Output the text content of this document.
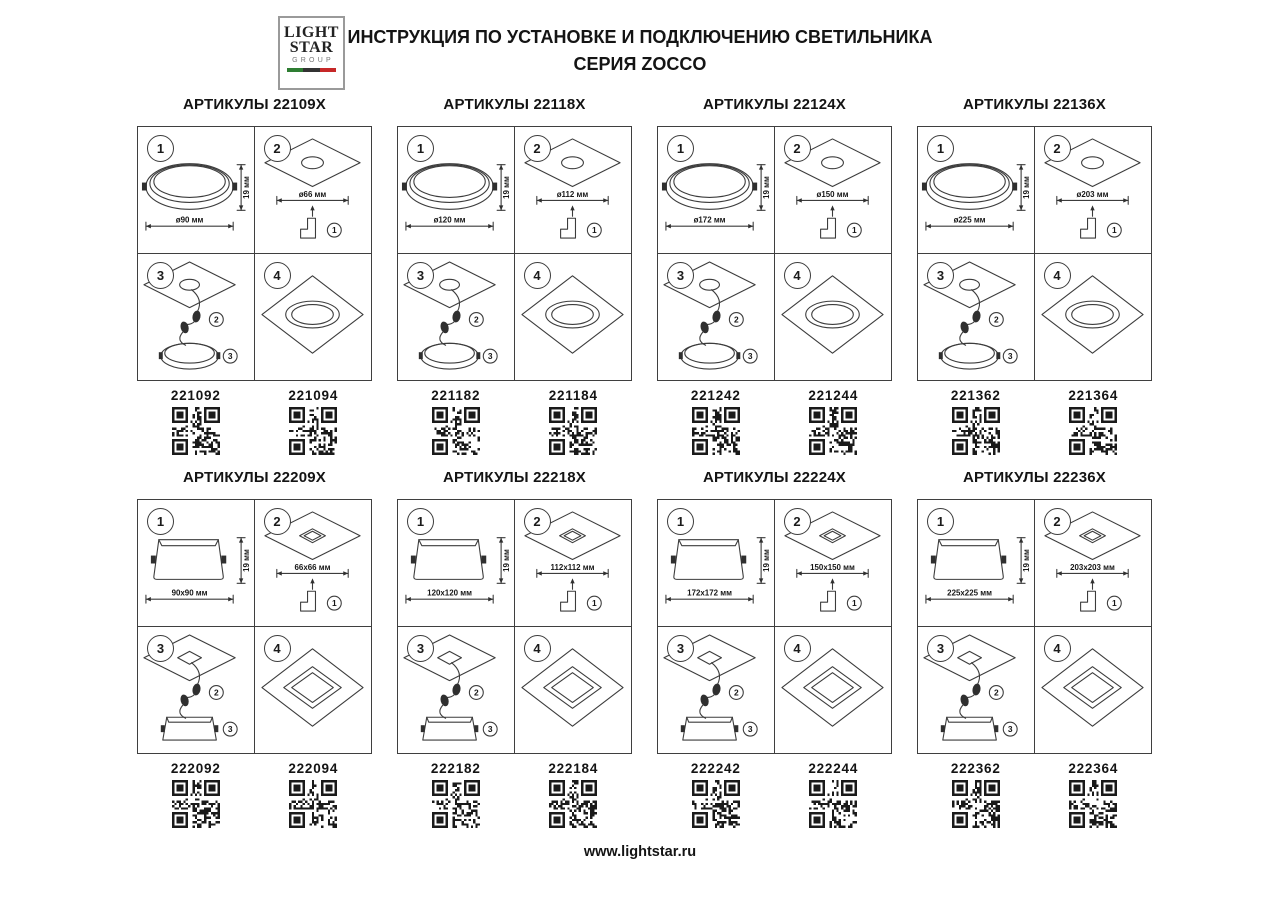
LIGHT
STAR
GROUP
ИНСТРУКЦИЯ ПО УСТАНОВКЕ И ПОДКЛЮЧЕНИЮ СВЕТИЛЬНИКА
СЕРИЯ ZOCCO
АРТИКУЛЫ 22109X
1
ø90 мм
19 мм
2
ø66 мм
1
3
2
3
4
221092	221094
АРТИКУЛЫ 22118X
1
ø120 мм
19 мм
2
ø112 мм
1
3
2
3
4
221182	221184
АРТИКУЛЫ 22124X
1
ø172 мм
19 мм
2
ø150 мм
1
3
2
3
4
221242	221244
АРТИКУЛЫ 22136X
1
ø225 мм
19 мм
2
ø203 мм
1
3
2
3
4
221362	221364
АРТИКУЛЫ 22209X
1
90x90 мм
19 мм
2
66x66 мм
1
3
2
3
4
222092	222094
АРТИКУЛЫ 22218X
1
120x120 мм
19 мм
2
112x112 мм
1
3
2
3
4
222182	222184
АРТИКУЛЫ 22224X
1
172x172 мм
19 мм
2
150x150 мм
1
3
2
3
4
222242	222244
АРТИКУЛЫ 22236X
1
225x225 мм
19 мм
2
203x203 мм
1
3
2
3
4
222362	222364
www.lightstar.ru
